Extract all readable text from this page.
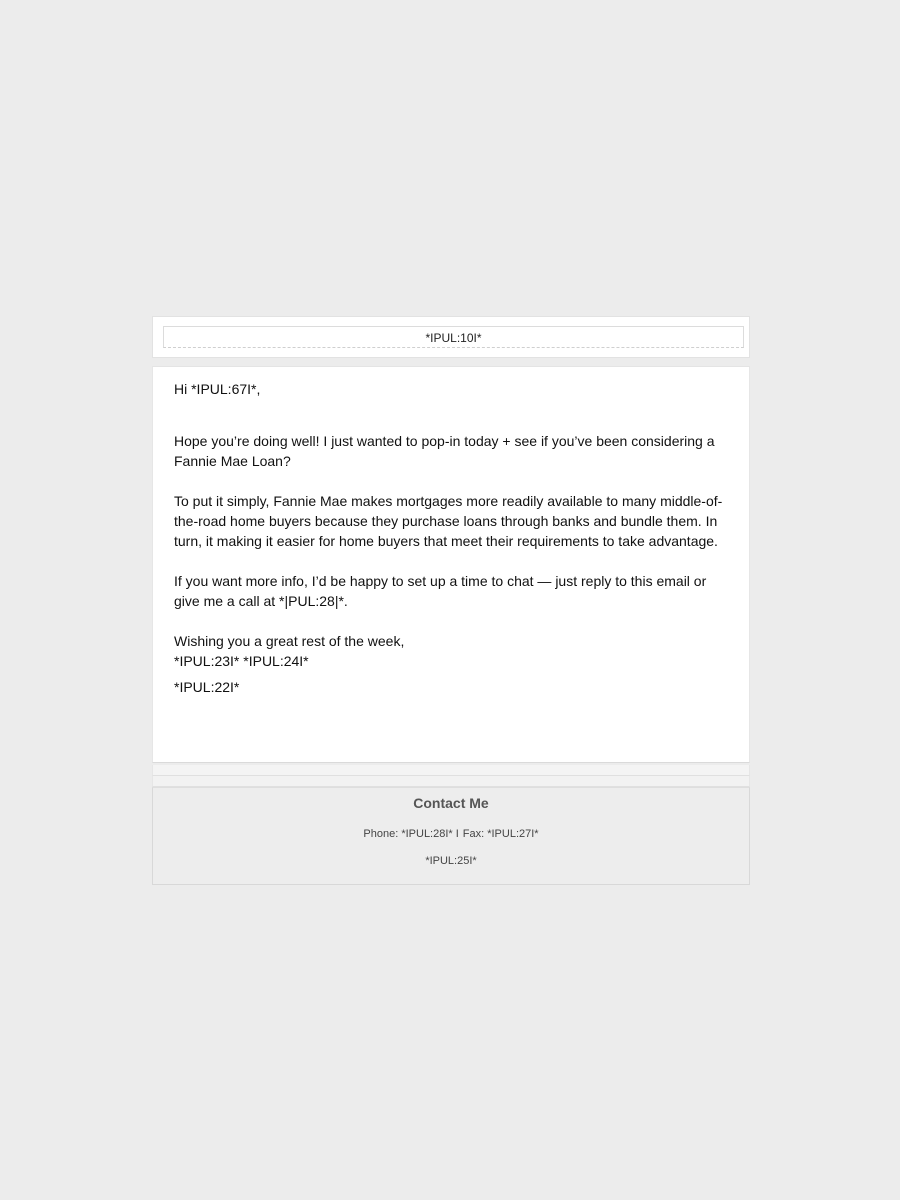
*IPUL:10I*

Hi *IPUL:67I*,

Hope you’re doing well! I just wanted to pop-in today + see if you’ve been considering a Fannie Mae Loan?

To put it simply, Fannie Mae makes mortgages more readily available to many middle-of-the-road home buyers because they purchase loans through banks and bundle them. In turn, it making it easier for home buyers that meet their requirements to take advantage.

If you want more info, I’d be happy to set up a time to chat — just reply to this email or give me a call at *|PUL:28|*.

Wishing you a great rest of the week,

*IPUL:23I* *IPUL:24I*

*IPUL:22I*

Contact Me
Phone: *IPUL:28I* I Fax: *IPUL:27I*
*IPUL:25I*
